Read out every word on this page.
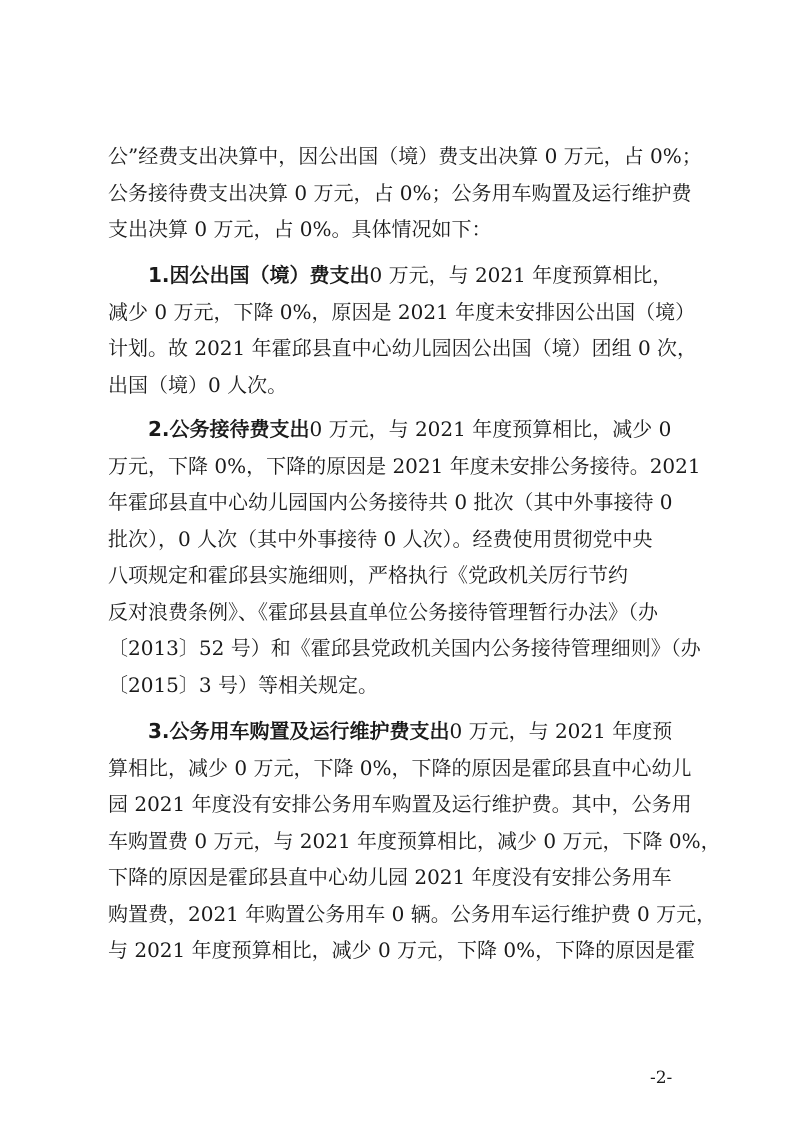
公”经费支出决算中，因公出国（境）费支出决算 0 万元，占 0%；
公务接待费支出决算 0 万元，占 0%；公务用车购置及运行维护费
支出决算 0 万元，占 0%。具体情况如下：
1.因公出国（境）费支出0 万元，与 2021 年度预算相比，
减少 0 万元，下降 0%，原因是 2021 年度未安排因公出国（境）
计划。故 2021 年霍邱县直中心幼儿园因公出国（境）团组 0 次，
出国（境）0 人次。
2.公务接待费支出0 万元，与 2021 年度预算相比，减少 0
万元，下降 0%，下降的原因是 2021 年度未安排公务接待。2021
年霍邱县直中心幼儿园国内公务接待共 0 批次（其中外事接待 0
批次），0 人次（其中外事接待 0 人次）。经费使用贯彻党中央
八项规定和霍邱县实施细则，严格执行《党政机关厉行节约
反对浪费条例》、《霍邱县县直单位公务接待管理暂行办法》（办
〔2013〕52 号）和《霍邱县党政机关国内公务接待管理细则》（办
〔2015〕3 号）等相关规定。
3.公务用车购置及运行维护费支出0 万元，与 2021 年度预
算相比，减少 0 万元，下降 0%，下降的原因是霍邱县直中心幼儿
园 2021 年度没有安排公务用车购置及运行维护费。其中，公务用
车购置费 0 万元，与 2021 年度预算相比，减少 0 万元，下降 0%，
下降的原因是霍邱县直中心幼儿园 2021 年度没有安排公务用车
购置费，2021 年购置公务用车 0 辆。公务用车运行维护费 0 万元，
与 2021 年度预算相比，减少 0 万元，下降 0%，下降的原因是霍
-2-
